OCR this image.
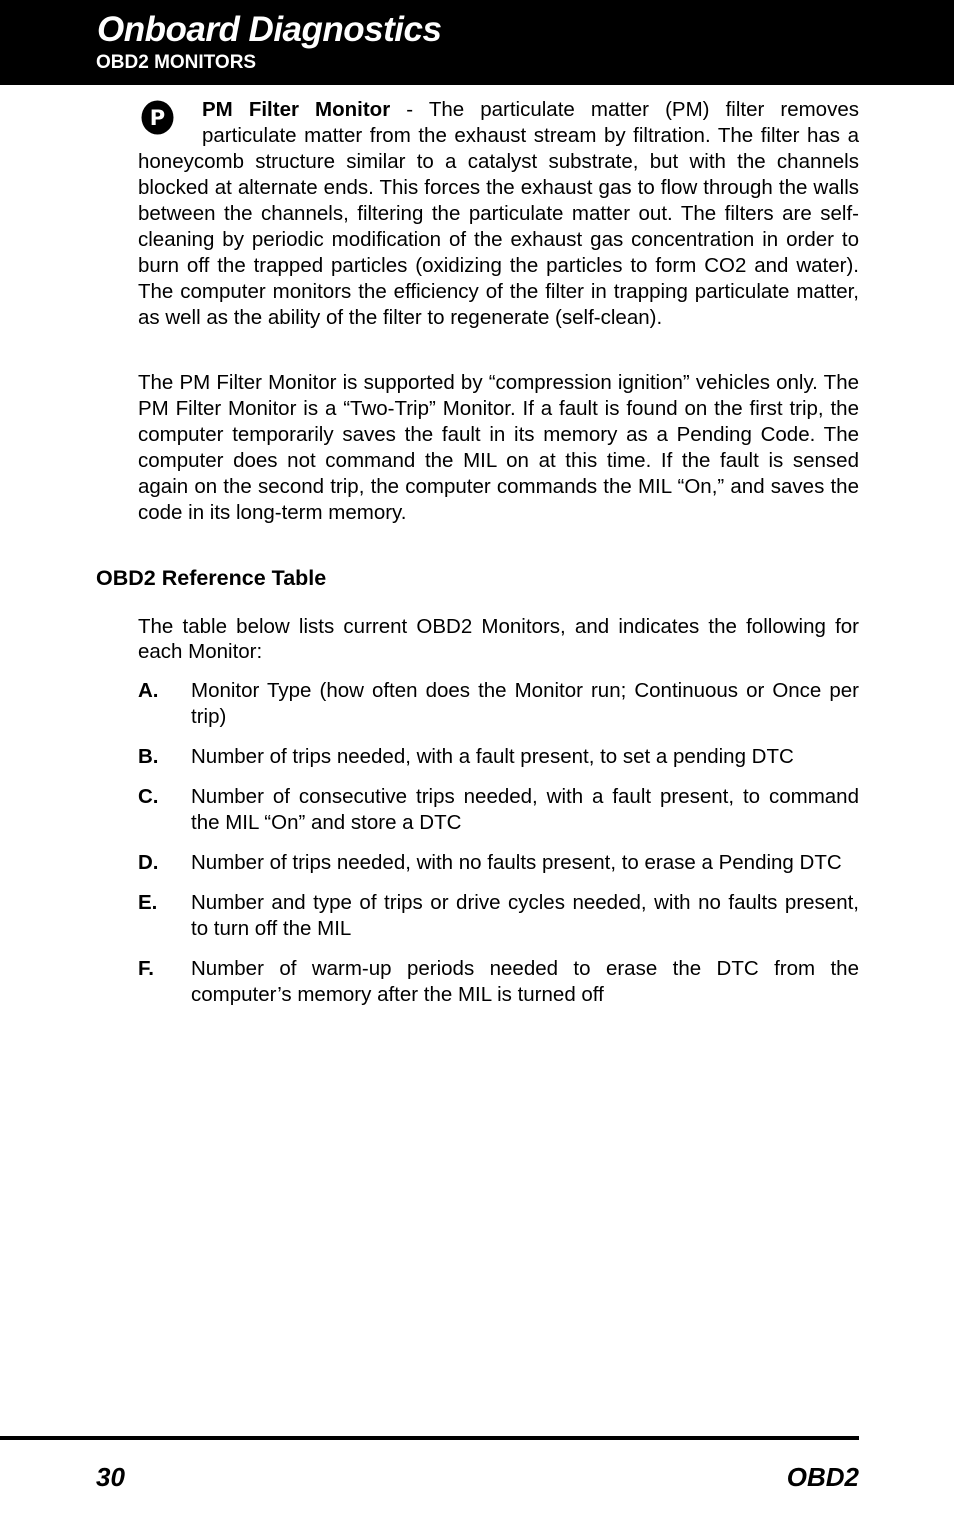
Onboard Diagnostics
OBD2 MONITORS

P PM Filter Monitor - The particulate matter (PM) filter removes particulate matter from the exhaust stream by filtration. The filter has a honeycomb structure similar to a catalyst substrate, but with the channels blocked at alternate ends. This forces the exhaust gas to flow through the walls between the channels, filtering the particulate matter out. The filters are self-cleaning by periodic modification of the exhaust gas concentration in order to burn off the trapped particles (oxidizing the particles to form CO2 and water). The computer monitors the efficiency of the filter in trapping particulate matter, as well as the ability of the filter to regenerate (self-clean).

The PM Filter Monitor is supported by “compression ignition” vehicles only. The PM Filter Monitor is a “Two-Trip” Monitor. If a fault is found on the first trip, the computer temporarily saves the fault in its memory as a Pending Code. The computer does not command the MIL on at this time. If the fault is sensed again on the second trip, the computer commands the MIL “On,” and saves the code in its long-term memory.

OBD2 Reference Table

The table below lists current OBD2 Monitors, and indicates the following for each Monitor:

A. Monitor Type (how often does the Monitor run; Continuous or Once per trip)
B. Number of trips needed, with a fault present, to set a pending DTC
C. Number of consecutive trips needed, with a fault present, to command the MIL “On” and store a DTC
D. Number of trips needed, with no faults present, to erase a Pending DTC
E. Number and type of trips or drive cycles needed, with no faults present, to turn off the MIL
F. Number of warm-up periods needed to erase the DTC from the computer’s memory after the MIL is turned off
30	OBD2
